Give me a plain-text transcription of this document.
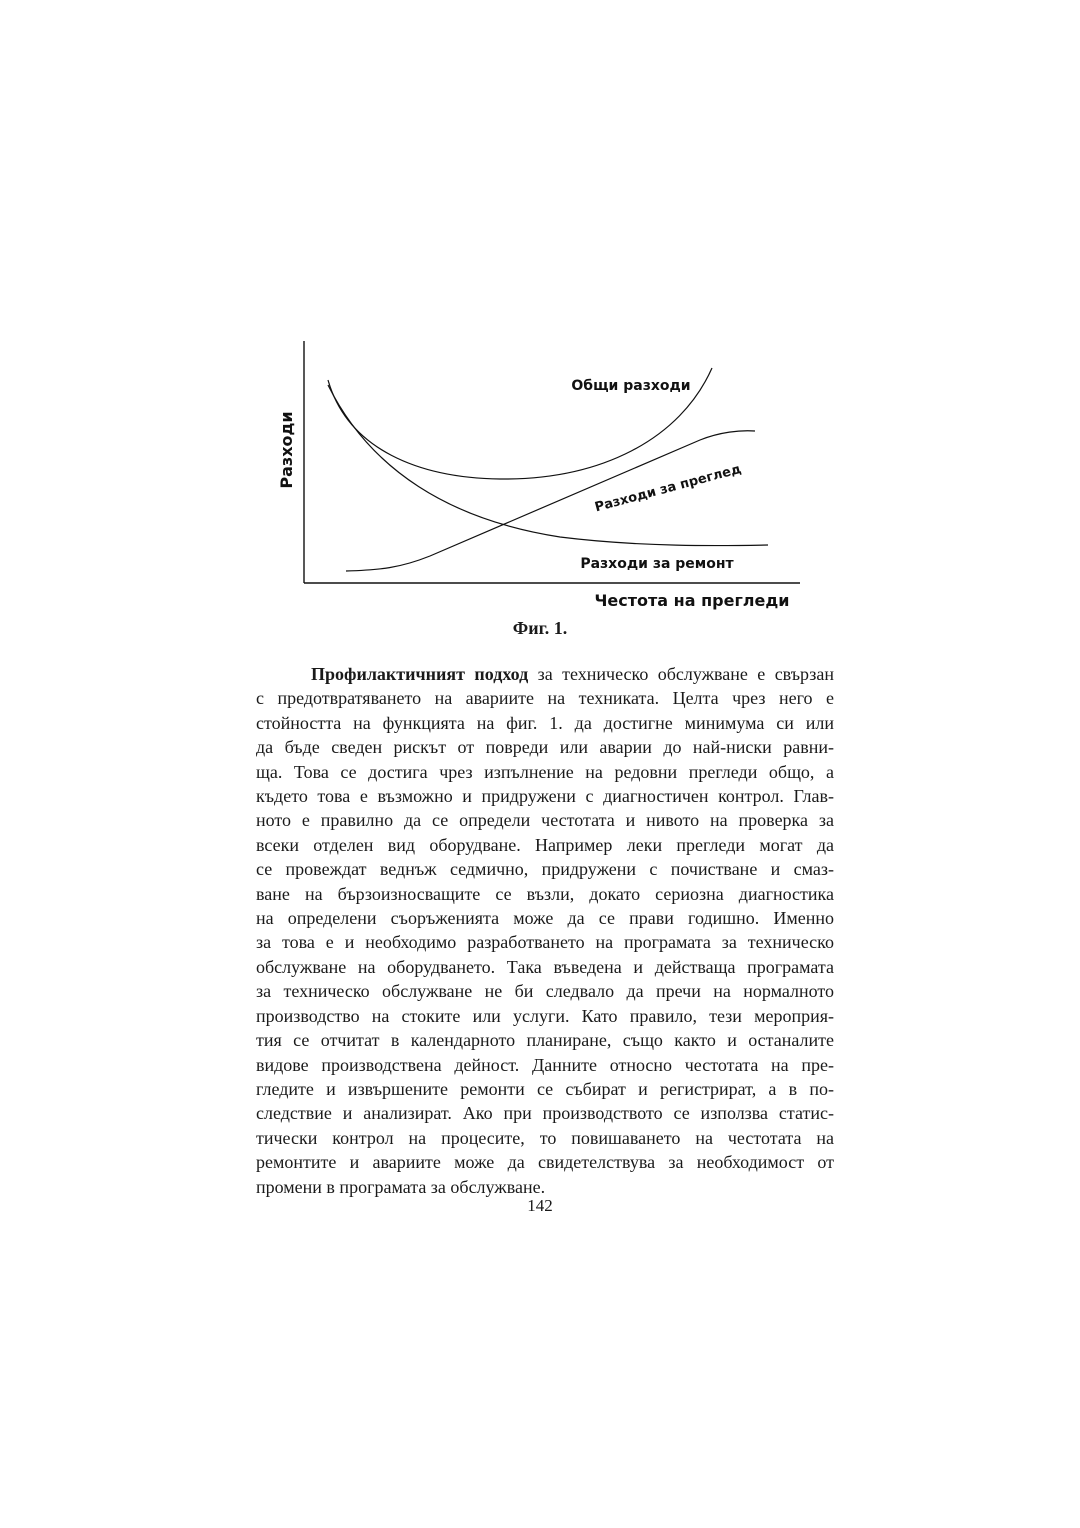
Разходи
Честота на прегледи
Общи разходи
Разходи за преглед
Разходи за ремонт

Фиг. 1.

Профилактичният подход за техническо обслужване е свързан
с предотвратяването на авариите на техниката. Целта чрез него е
стойността на функцията на фиг. 1. да достигне минимума си или
да бъде сведен рискът от повреди или аварии до най-ниски равни-
ща. Това се достига чрез изпълнение на редовни прегледи общо, а
където това е възможно и придружени с диагностичен контрол. Глав-
ното е правилно да се определи честотата и нивото на проверка за
всеки отделен вид оборудване. Например леки прегледи могат да
се провеждат веднъж седмично, придружени с почистване и смаз-
ване на бързоизносващите се възли, докато сериозна диагностика
на определени съоръженията може да се прави годишно. Именно
за това е и необходимо разработването на програмата за техническо
обслужване на оборудването. Така въведена и действаща програмата
за техническо обслужване не би следвало да пречи на нормалното
производство на стоките или услуги. Като правило, тези мероприя-
тия се отчитат в календарното планиране, също както и останалите
видове производствена дейност. Данните относно честотата на пре-
гледите и извършените ремонти се събират и регистрират, а в по-
следствие и анализират. Ако при производството се използва статис-
тически контрол на процесите, то повишаването на честотата на
ремонтите и авариите може да свидетелствува за необходимост от
промени в програмата за обслужване.

142
